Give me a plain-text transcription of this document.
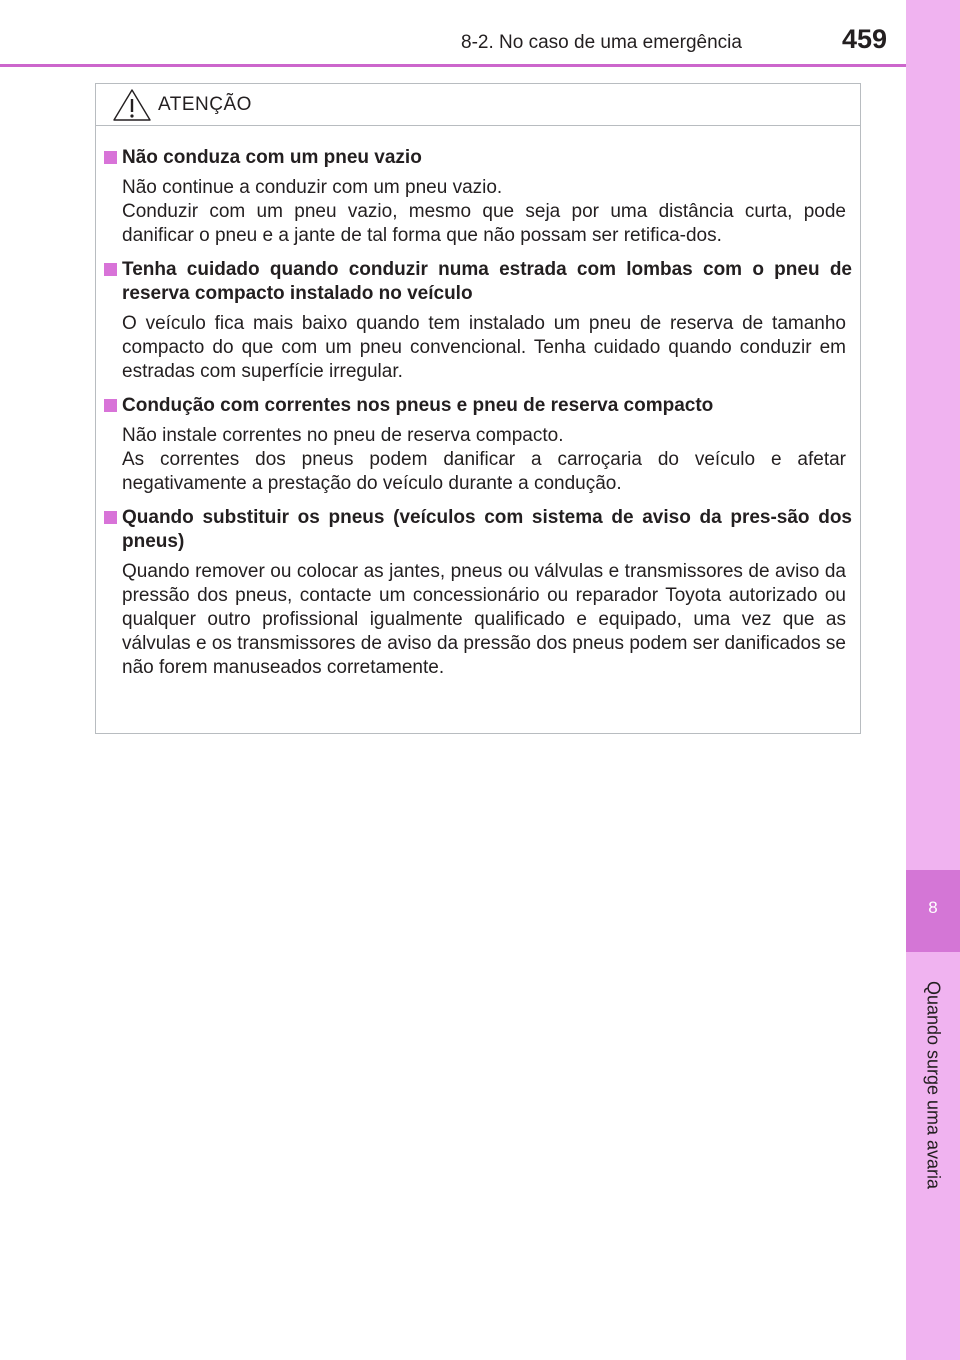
8
Quando surge uma avaria
8-2. No caso de uma emergência	459
ATENÇÃO
Não conduza com um pneu vazio
Não continue a conduzir com um pneu vazio.
Conduzir com um pneu vazio, mesmo que seja por uma distância curta, pode danificar o pneu e a jante de tal forma que não possam ser retifica-dos.
Tenha cuidado quando conduzir numa estrada com lombas com o pneu de reserva compacto instalado no veículo
O veículo fica mais baixo quando tem instalado um pneu de reserva de tamanho compacto do que com um pneu convencional. Tenha cuidado quando conduzir em estradas com superfície irregular.
Condução com correntes nos pneus e pneu de reserva compacto
Não instale correntes no pneu de reserva compacto.
As correntes dos pneus podem danificar a carroçaria do veículo e afetar negativamente a prestação do veículo durante a condução.
Quando substituir os pneus (veículos com sistema de aviso da pres-são dos pneus)
Quando remover ou colocar as jantes, pneus ou válvulas e transmissores de aviso da pressão dos pneus, contacte um concessionário ou reparador Toyota autorizado ou qualquer outro profissional igualmente qualificado e equipado, uma vez que as válvulas e os transmissores de aviso da pressão dos pneus podem ser danificados se não forem manuseados corretamente.
